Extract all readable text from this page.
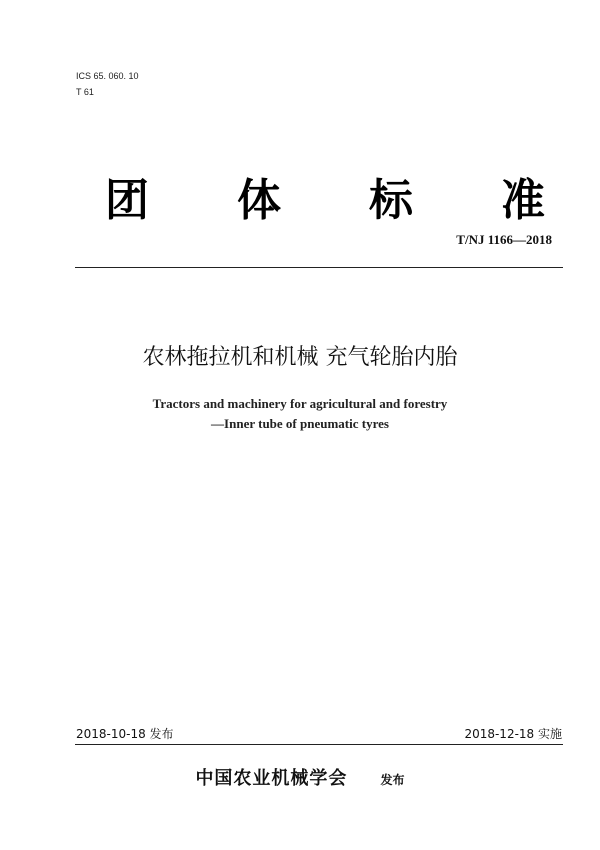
ICS 65. 060. 10
T 61
团 体 标 准
T/NJ 1166—2018
农林拖拉机和机械 充气轮胎内胎
Tractors and machinery for agricultural and forestry
—Inner tube of pneumatic tyres
2018-10-18 发布	2018-12-18 实施
中国农业机械学会	发布
